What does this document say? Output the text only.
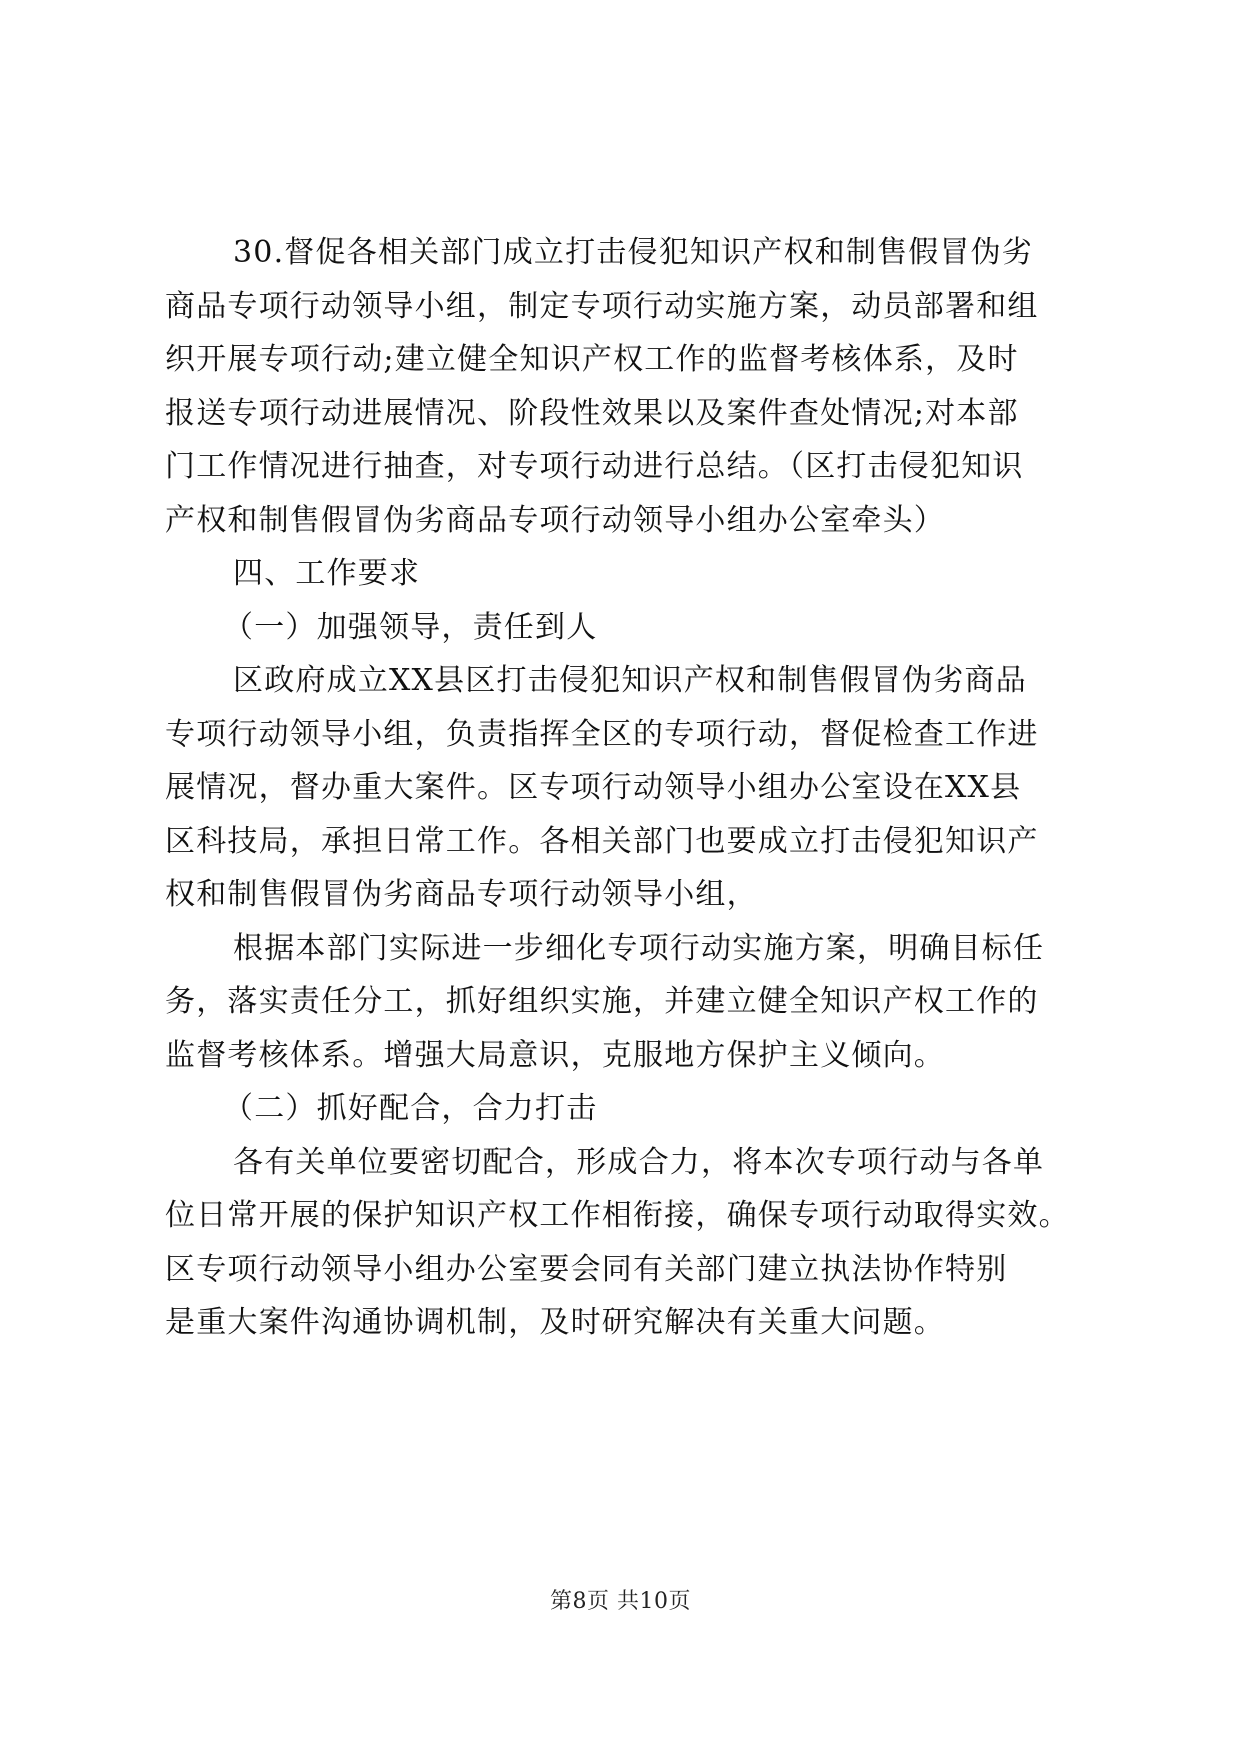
30.督促各相关部门成立打击侵犯知识产权和制售假冒伪劣
商品专项行动领导小组，制定专项行动实施方案，动员部署和组
织开展专项行动;建立健全知识产权工作的监督考核体系，及时
报送专项行动进展情况、阶段性效果以及案件查处情况;对本部
门工作情况进行抽查，对专项行动进行总结。（区打击侵犯知识
产权和制售假冒伪劣商品专项行动领导小组办公室牵头）
四、工作要求
（一）加强领导，责任到人
区政府成立XX县区打击侵犯知识产权和制售假冒伪劣商品
专项行动领导小组，负责指挥全区的专项行动，督促检查工作进
展情况，督办重大案件。区专项行动领导小组办公室设在XX县
区科技局，承担日常工作。各相关部门也要成立打击侵犯知识产
权和制售假冒伪劣商品专项行动领导小组，
根据本部门实际进一步细化专项行动实施方案，明确目标任
务，落实责任分工，抓好组织实施，并建立健全知识产权工作的
监督考核体系。增强大局意识，克服地方保护主义倾向。
（二）抓好配合，合力打击
各有关单位要密切配合，形成合力，将本次专项行动与各单
位日常开展的保护知识产权工作相衔接，确保专项行动取得实效。
区专项行动领导小组办公室要会同有关部门建立执法协作特别
是重大案件沟通协调机制，及时研究解决有关重大问题。
第8页 共10页
